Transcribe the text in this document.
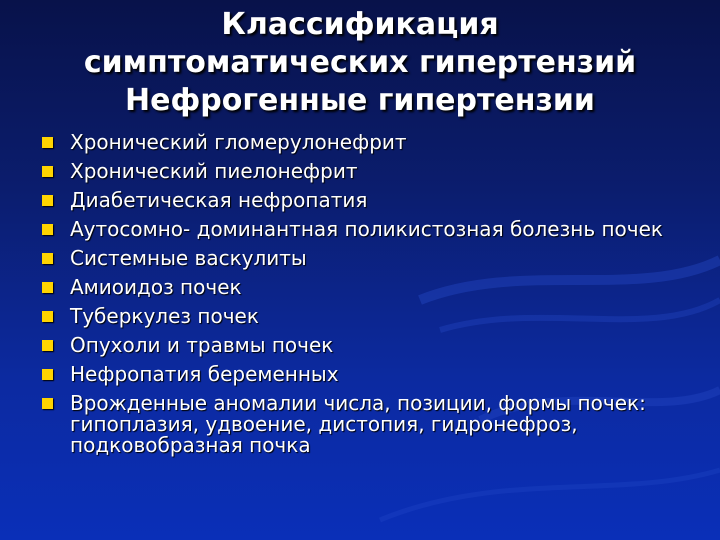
Классификация
симптоматических гипертензий
Нефрогенные гипертензии
Хронический гломерулонефрит
Хронический пиелонефрит
Диабетическая нефропатия
Аутосомно- доминантная поликистозная болезнь почек
Системные васкулиты
Амиоидоз почек
Туберкулез почек
Опухоли и травмы почек
Нефропатия беременных
Врожденные аномалии числа, позиции, формы почек: гипоплазия, удвоение, дистопия, гидронефроз, подковобразная почка
